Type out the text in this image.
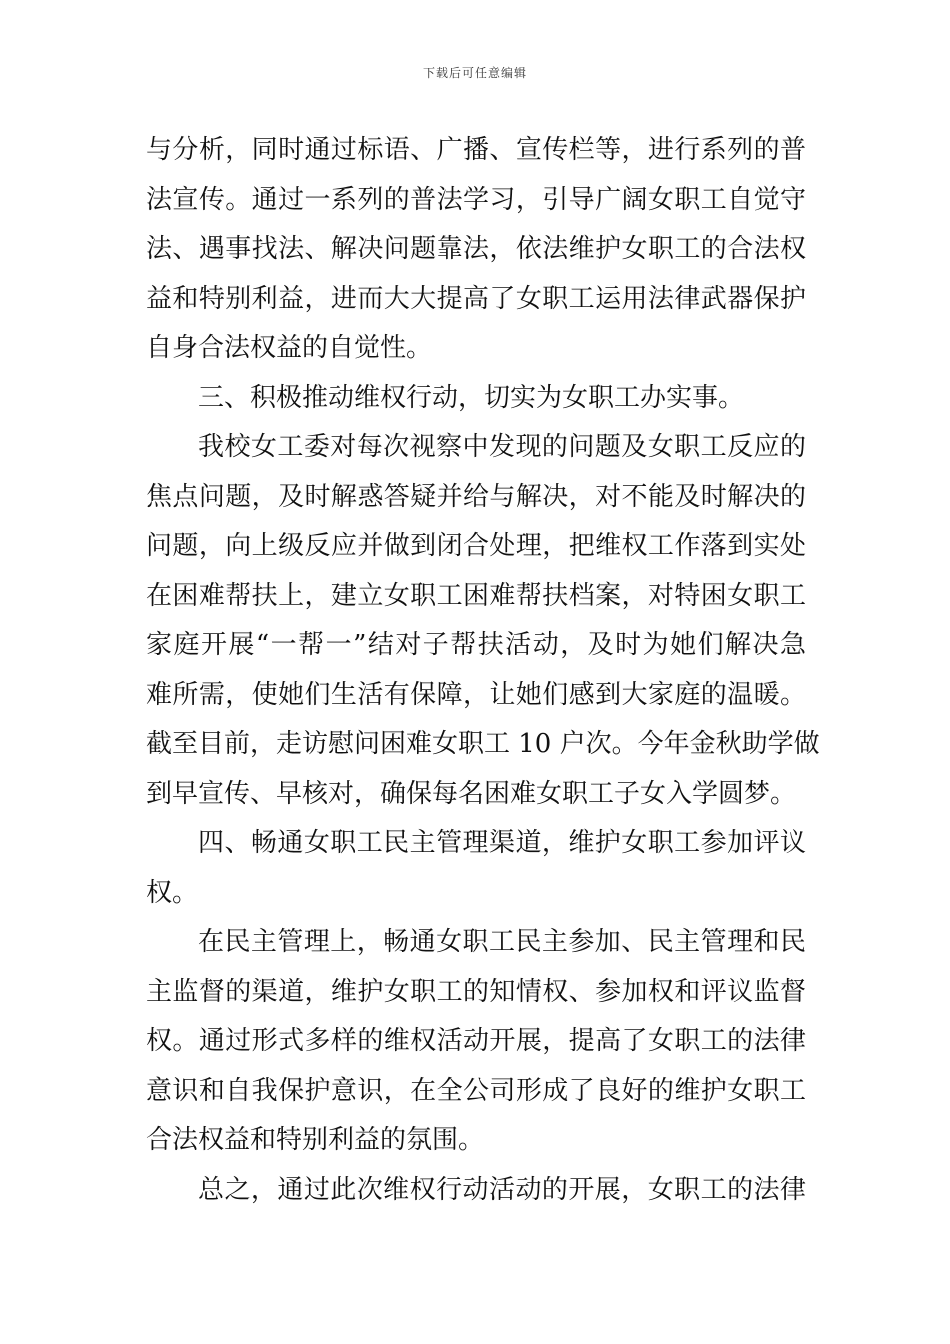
下载后可任意编辑
与分析，同时通过标语、广播、宣传栏等，进行系列的普
法宣传。通过一系列的普法学习，引导广阔女职工自觉守
法、遇事找法、解决问题靠法，依法维护女职工的合法权
益和特别利益，进而大大提高了女职工运用法律武器保护
自身合法权益的自觉性。
三、积极推动维权行动，切实为女职工办实事。
我校女工委对每次视察中发现的问题及女职工反应的
焦点问题，及时解惑答疑并给与解决，对不能及时解决的
问题，向上级反应并做到闭合处理，把维权工作落到实处
在困难帮扶上，建立女职工困难帮扶档案，对特困女职工
家庭开展“一帮一”结对子帮扶活动，及时为她们解决急
难所需，使她们生活有保障，让她们感到大家庭的温暖。
截至目前，走访慰问困难女职工 10 户次。今年金秋助学做
到早宣传、早核对，确保每名困难女职工子女入学圆梦。
四、畅通女职工民主管理渠道，维护女职工参加评议
权。
在民主管理上，畅通女职工民主参加、民主管理和民
主监督的渠道，维护女职工的知情权、参加权和评议监督
权。通过形式多样的维权活动开展，提高了女职工的法律
意识和自我保护意识，在全公司形成了良好的维护女职工
合法权益和特别利益的氛围。
总之，通过此次维权行动活动的开展，女职工的法律
